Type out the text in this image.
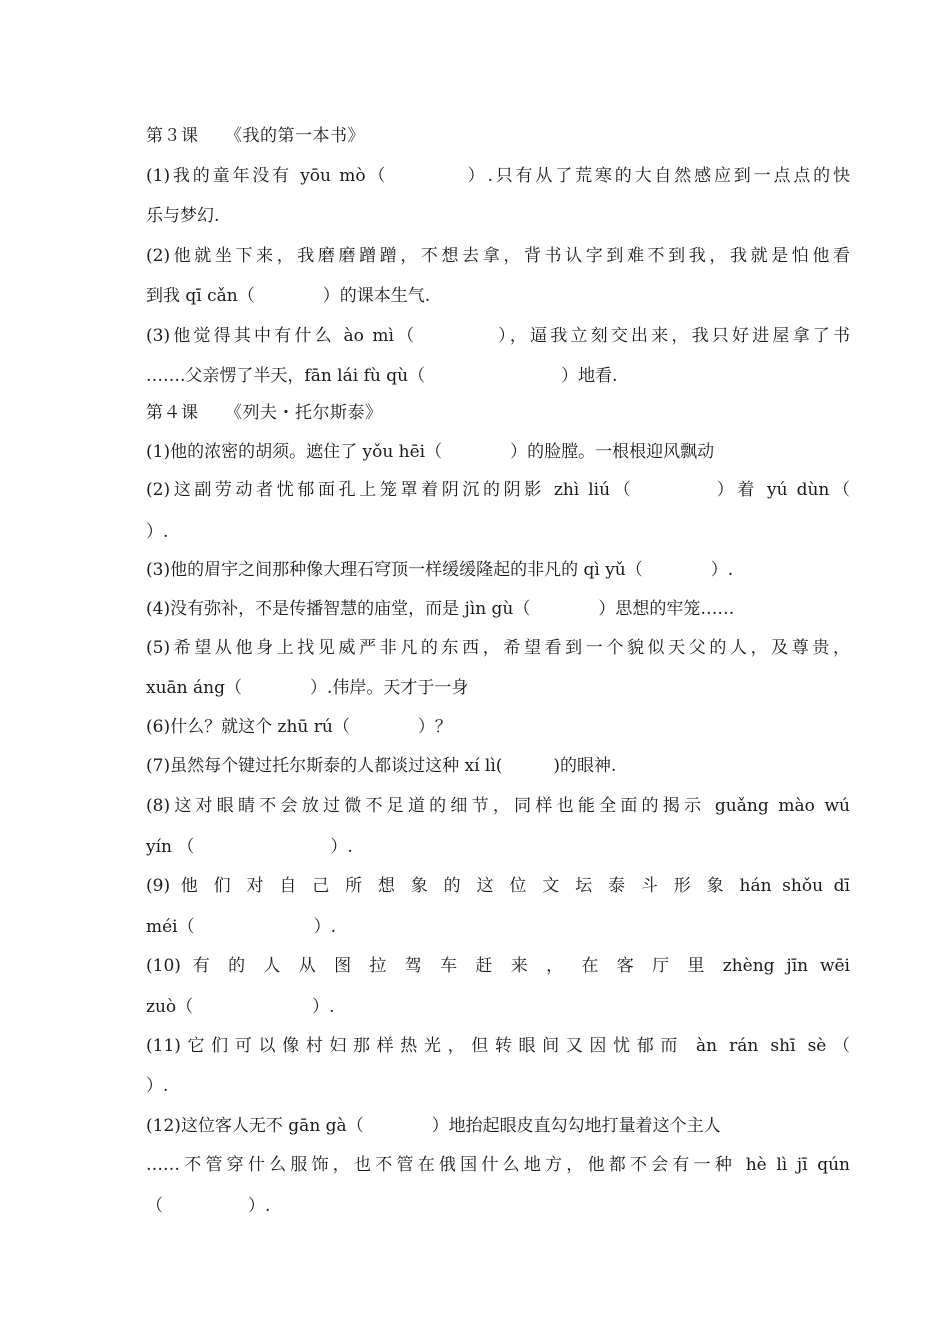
第３课　　《我的第一本书》
(1)我的童年没有 yōu mò（　　　　）.只有从了荒寒的大自然感应到一点点的快
乐与梦幻.
(2)他就坐下来，我磨磨蹭蹭，不想去拿，背书认字到难不到我，我就是怕他看
到我 qī cǎn（　　　　）的课本生气.
(3)他觉得其中有什么 ào mì（　　　　），逼我立刻交出来，我只好进屋拿了书
…….父亲愣了半天，fān lái fù qù（　　　　　　　　）地看.
第４课　　《列夫・托尔斯泰》
(1)他的浓密的胡须。遮住了 yǒu hēi（　　　　）的脸膛。一根根迎风飘动
(2)这副劳动者忧郁面孔上笼罩着阴沉的阴影 zhì liú（　　　　）着 yú dùn（
）.
(3)他的眉宇之间那种像大理石穹顶一样缓缓隆起的非凡的 qì yǔ（　　　　）.
(4)没有弥补，不是传播智慧的庙堂，而是 jìn gù（　　　　）思想的牢笼……
(5)希望从他身上找见威严非凡的东西，希望看到一个貌似天父的人，及尊贵，
xuān áng（　　　　）.伟岸。天才于一身
(6)什么？就这个 zhū rú（　　　　）？
(7)虽然每个键过托尔斯泰的人都谈过这种 xí lì(　　　)的眼神.
(8)这对眼睛不会放过微不足道的细节，同样也能全面的揭示 guǎng mào wú
yín （　　　　　　　　）.
(9) 他 们 对 自 己 所 想 象 的 这 位 文 坛 泰 斗 形 象 hán shǒu dī
méi（　　　　　　　）.
(10) 有 的 人 从 图 拉 驾 车 赶 来 ， 在 客 厅 里 zhèng jīn wēi
zuò（　　　　　　　）.
(11)它们可以像村妇那样热光，但转眼间又因忧郁而 àn rán shī sè（
）.
(12)这位客人无不 gān gà（　　　　）地抬起眼皮直勾勾地打量着这个主人
……不管穿什么服饰，也不管在俄国什么地方，他都不会有一种 hè lì jī qún
（　　　　　）.
